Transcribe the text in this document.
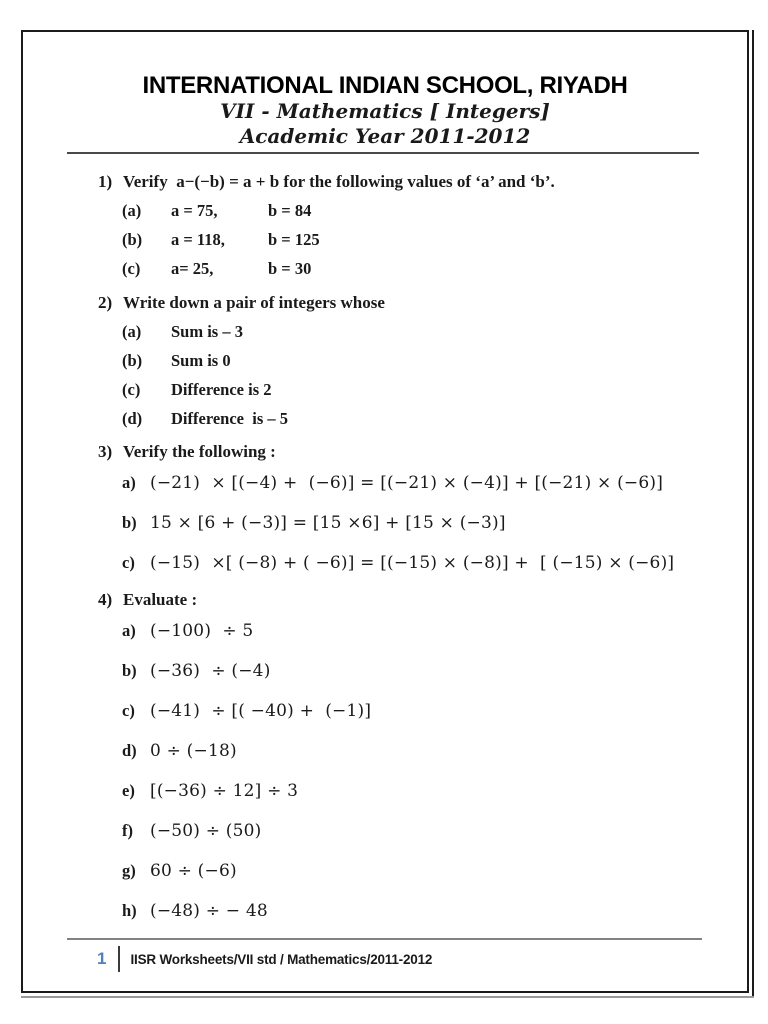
INTERNATIONAL INDIAN SCHOOL, RIYADH
VII - Mathematics [ Integers]
Academic Year 2011-2012
1) Verify  a−(−b) = a + b for the following values of ‘a’ and ‘b’.
(a) a = 75,	b = 84
(b) a = 118,	b = 125
(c) a= 25,	b = 30
2) Write down a pair of integers whose
(a) Sum is – 3
(b) Sum is 0
(c) Difference is 2
(d) Difference  is – 5
3) Verify the following :
a) (−21)  × [(−4) +  (−6)] = [(−21) × (−4)] + [(−21) × (−6)]
b) 15 × [6 + (−3)] = [15 ×6] + [15 × (−3)]
c) (−15)  ×[ (−8) + ( −6)] = [(−15) × (−8)] +  [ (−15) × (−6)]
4) Evaluate :
a) (−100)  ÷ 5
b) (−36)  ÷ (−4)
c) (−41)  ÷ [( −40) +  (−1)]
d) 0 ÷ (−18)
e) [(−36) ÷ 12] ÷ 3
f) (−50) ÷ (50)
g) 60 ÷ (−6)
h) (−48) ÷ − 48
1 IISR Worksheets/VII std / Mathematics/2011-2012
